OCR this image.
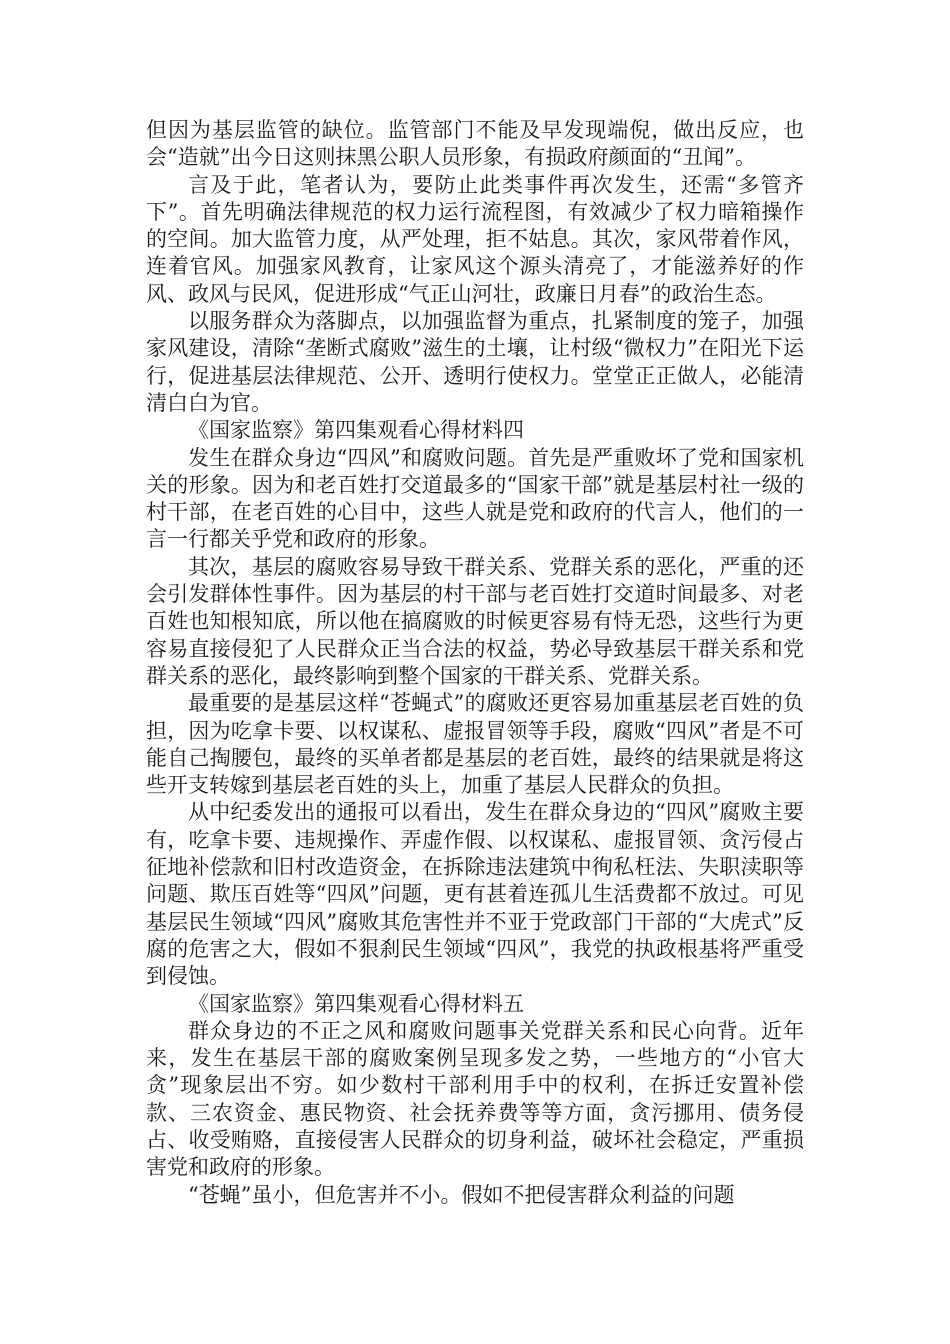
但因为基层监管的缺位。监管部门不能及早发现端倪，做出反应，也会“造就”出今日这则抹黑公职人员形象，有损政府颜面的“丑闻”。

言及于此，笔者认为，要防止此类事件再次发生，还需“多管齐下”。首先明确法律规范的权力运行流程图，有效减少了权力暗箱操作的空间。加大监管力度，从严处理，拒不姑息。其次，家风带着作风，连着官风。加强家风教育，让家风这个源头清亮了，才能滋养好的作风、政风与民风，促进形成“气正山河壮，政廉日月春”的政治生态。

以服务群众为落脚点，以加强监督为重点，扎紧制度的笼子，加强家风建设，清除“垄断式腐败”滋生的土壤，让村级“微权力”在阳光下运行，促进基层法律规范、公开、透明行使权力。堂堂正正做人，必能清清白白为官。

《国家监察》第四集观看心得材料四

发生在群众身边“四风”和腐败问题。首先是严重败坏了党和国家机关的形象。因为和老百姓打交道最多的“国家干部”就是基层村社一级的村干部，在老百姓的心目中，这些人就是党和政府的代言人，他们的一言一行都关乎党和政府的形象。

其次，基层的腐败容易导致干群关系、党群关系的恶化，严重的还会引发群体性事件。因为基层的村干部与老百姓打交道时间最多、对老百姓也知根知底，所以他在搞腐败的时候更容易有恃无恐，这些行为更容易直接侵犯了人民群众正当合法的权益，势必导致基层干群关系和党群关系的恶化，最终影响到整个国家的干群关系、党群关系。

最重要的是基层这样“苍蝇式”的腐败还更容易加重基层老百姓的负担，因为吃拿卡要、以权谋私、虚报冒领等手段，腐败“四风”者是不可能自己掏腰包，最终的买单者都是基层的老百姓，最终的结果就是将这些开支转嫁到基层老百姓的头上，加重了基层人民群众的负担。

从中纪委发出的通报可以看出，发生在群众身边的“四风”腐败主要有，吃拿卡要、违规操作、弄虚作假、以权谋私、虚报冒领、贪污侵占征地补偿款和旧村改造资金，在拆除违法建筑中徇私枉法、失职渎职等问题、欺压百姓等“四风”问题，更有甚着连孤儿生活费都不放过。可见基层民生领域“四风”腐败其危害性并不亚于党政部门干部的“大虎式”反腐的危害之大，假如不狠刹民生领域“四风”，我党的执政根基将严重受到侵蚀。

《国家监察》第四集观看心得材料五

群众身边的不正之风和腐败问题事关党群关系和民心向背。近年来，发生在基层干部的腐败案例呈现多发之势，一些地方的“小官大贪”现象层出不穷。如少数村干部利用手中的权利，在拆迁安置补偿款、三农资金、惠民物资、社会抚养费等等方面，贪污挪用、债务侵占、收受贿赂，直接侵害人民群众的切身利益，破坏社会稳定，严重损害党和政府的形象。

“苍蝇”虽小，但危害并不小。假如不把侵害群众利益的问题
